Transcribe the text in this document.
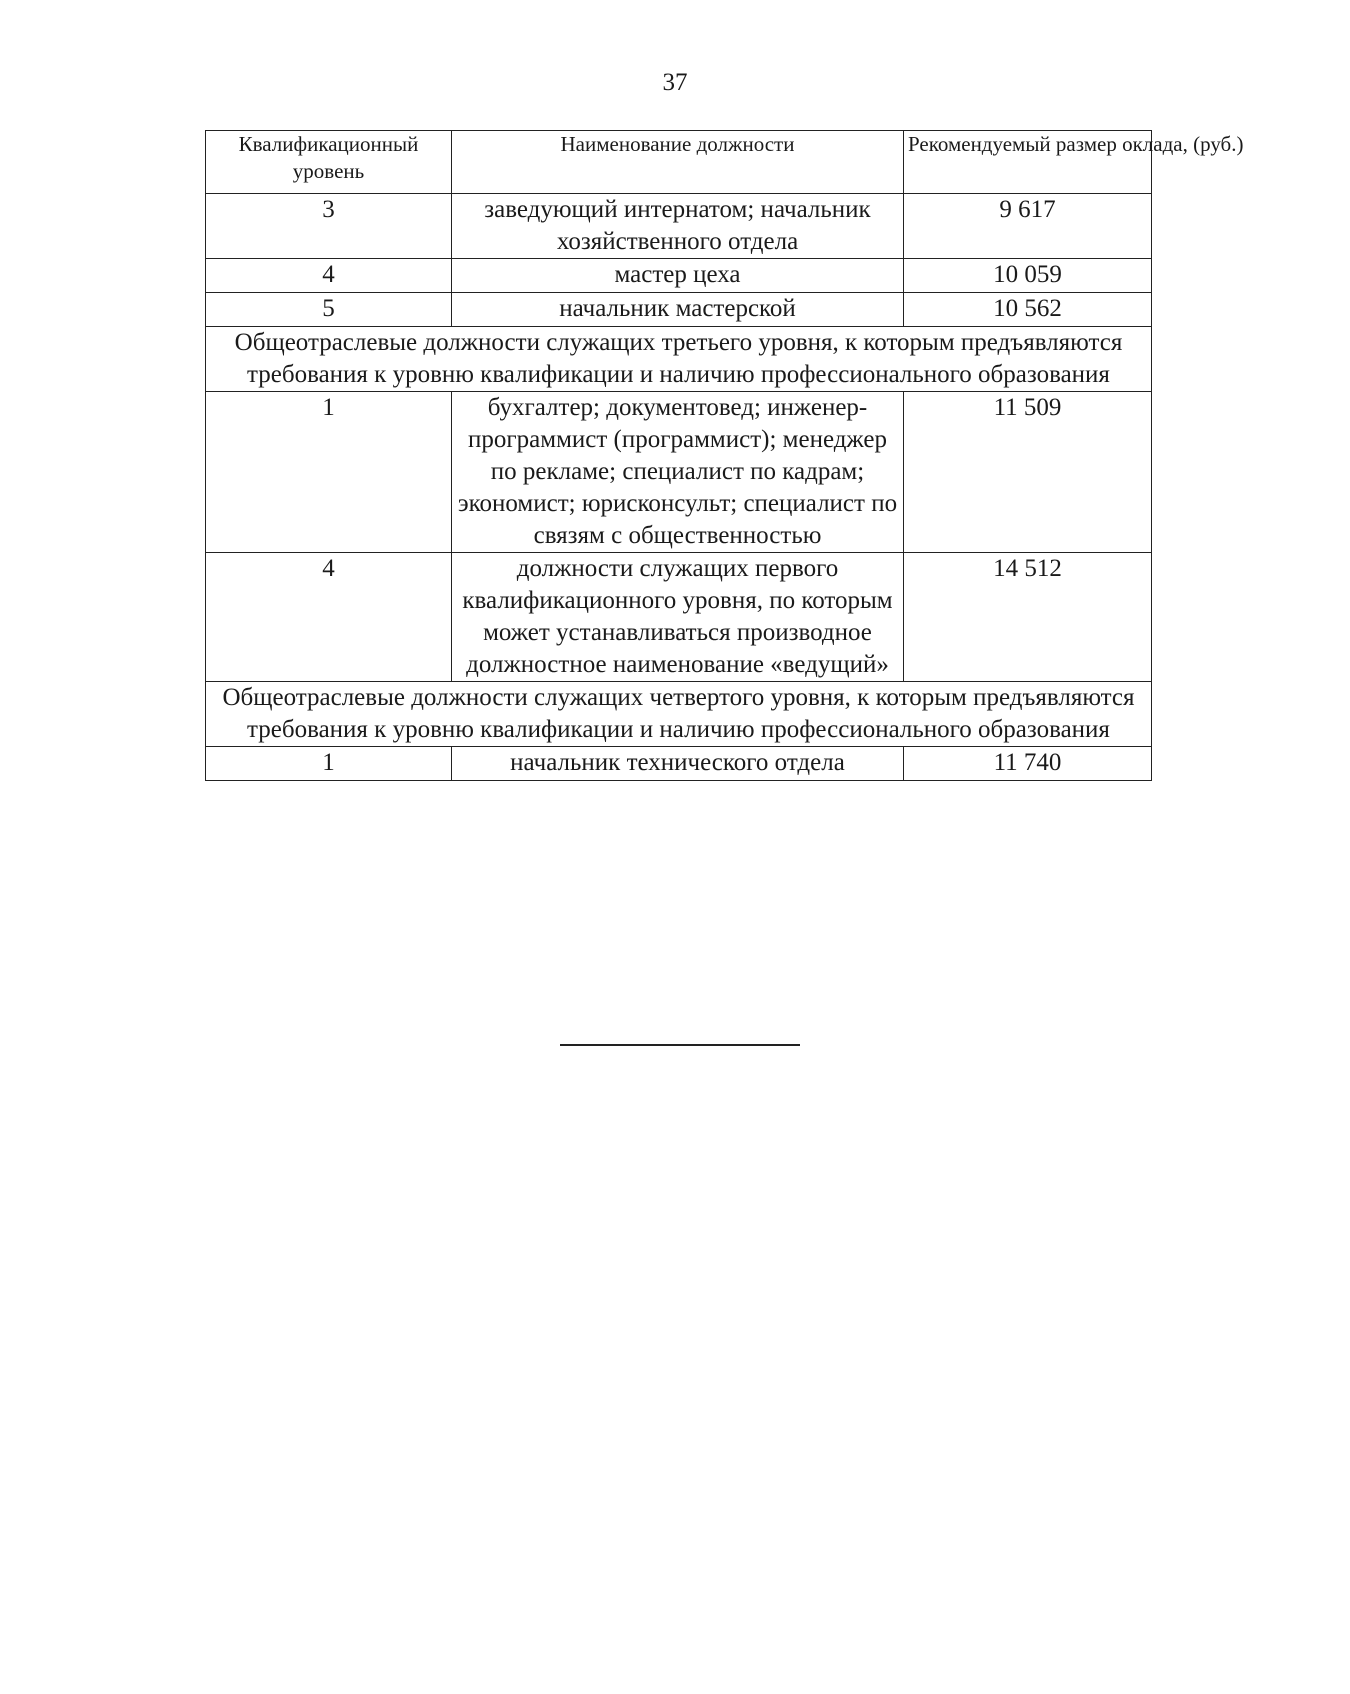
37
Квалификационный уровень	Наименование должности	Рекомендуемый размер оклада, (руб.)
3	заведующий интернатом; начальник хозяйственного отдела	9 617
4	мастер цеха	10 059
5	начальник мастерской	10 562
Общеотраслевые должности служащих третьего уровня, к которым предъявляются требования к уровню квалификации и наличию профессионального образования		
1	бухгалтер; документовед; инженер-программист (программист); менеджер по рекламе; специалист по кадрам; экономист; юрисконсульт; специалист по связям с общественностью	11 509
4	должности служащих первого квалификационного уровня, по которым может устанавливаться производное должностное наименование «ведущий»	14 512
Общеотраслевые должности служащих четвертого уровня, к которым предъявляются требования к уровню квалификации и наличию профессионального образования		
1	начальник технического отдела	11 740
